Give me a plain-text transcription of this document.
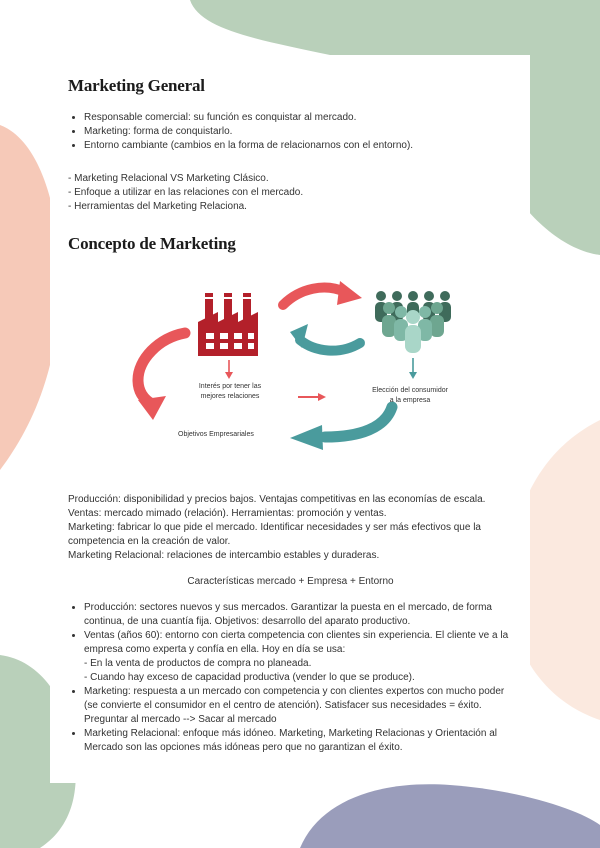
Marketing General
• Responsable comercial: su función es conquistar al mercado.
• Marketing: forma de conquistarlo.
• Entorno cambiante (cambios en la forma de relacionarnos con el entorno).
- Marketing Relacional VS Marketing Clásico.
- Enfoque a utilizar en las relaciones con el mercado.
- Herramientas del Marketing Relaciona.
Concepto de Marketing
Interés por tener las
mejores relaciones
Elección del consumidor
a la empresa
Objetivos Empresariales
Producción: disponibilidad y precios bajos. Ventajas competitivas en las economías de escala.
Ventas: mercado mimado (relación). Herramientas: promoción y ventas.
Marketing: fabricar lo que pide el mercado. Identificar necesidades y ser más efectivos que la
competencia en la creación de valor.
Marketing Relacional: relaciones de intercambio estables y duraderas.
Características mercado + Empresa + Entorno
• Producción: sectores nuevos y sus mercados. Garantizar la puesta en el mercado, de forma
continua, de una cuantía fija. Objetivos: desarrollo del aparato productivo.
• Ventas (años 60): entorno con cierta competencia con clientes sin experiencia. El cliente ve a la
empresa como experta y confía en ella. Hoy en día se usa:
- En la venta de productos de compra no planeada.
- Cuando hay exceso de capacidad productiva (vender lo que se produce).
• Marketing: respuesta a un mercado con competencia y con clientes expertos con mucho poder
(se convierte el consumidor en el centro de atención). Satisfacer sus necesidades = éxito.
Preguntar al mercado --> Sacar al mercado
• Marketing Relacional: enfoque más idóneo. Marketing, Marketing Relacionas y Orientación al
Mercado son las opciones más idóneas pero que no garantizan el éxito.
